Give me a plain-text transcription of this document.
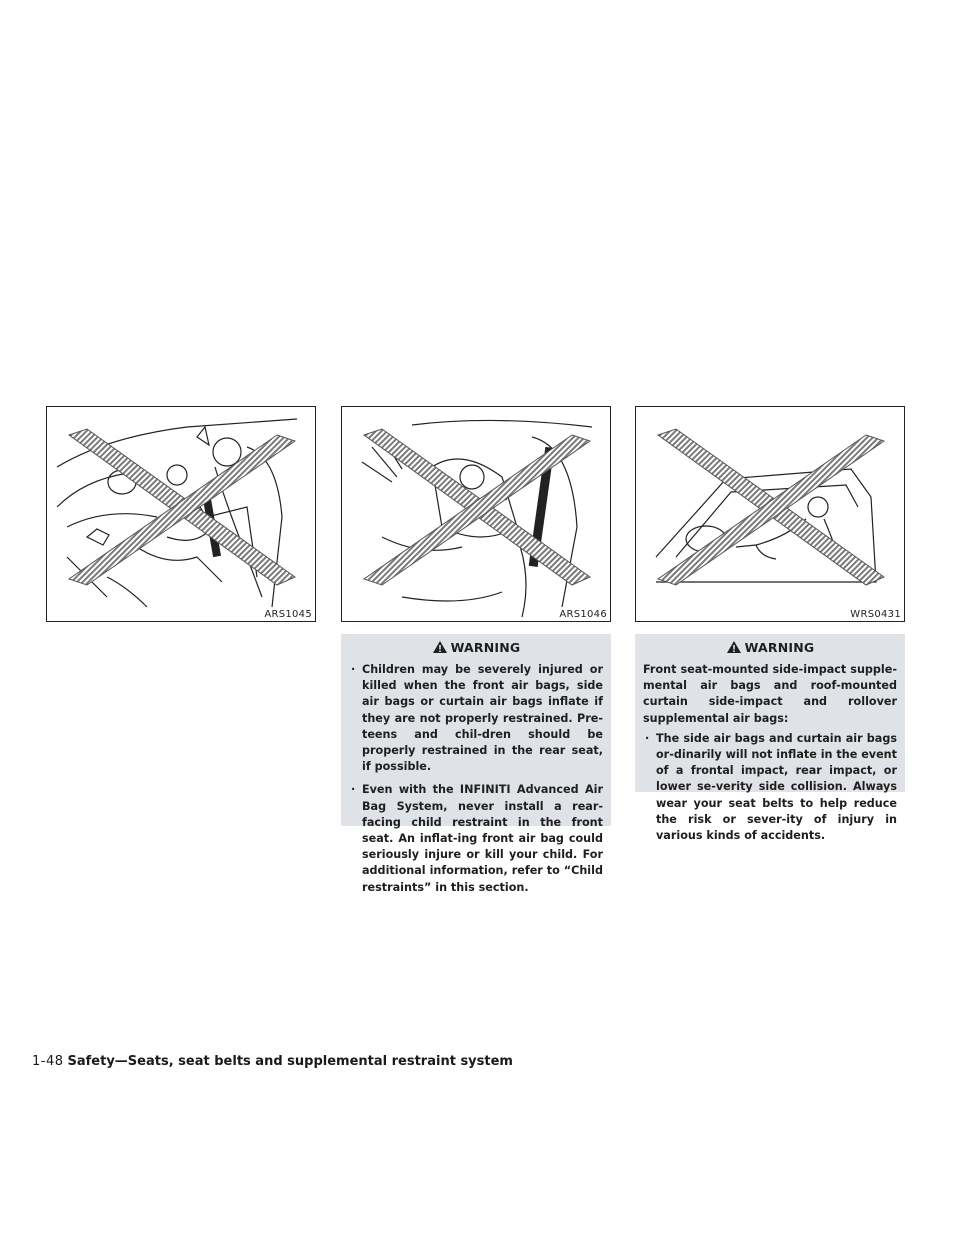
ARS1045	ARS1046	WRS0431
WARNING
· Children may be severely injured or killed when the front air bags, side air bags or curtain air bags inflate if they are not properly restrained. Pre-teens and chil-dren should be properly restrained in the rear seat, if possible.
· Even with the INFINITI Advanced Air Bag System, never install a rear-facing child restraint in the front seat. An inflat-ing front air bag could seriously injure or kill your child. For additional information, refer to “Child restraints” in this section.
WARNING
Front seat-mounted side-impact supple-mental air bags and roof-mounted curtain side-impact and rollover supplemental air bags:
· The side air bags and curtain air bags or-dinarily will not inflate in the event of a frontal impact, rear impact, or lower se-verity side collision. Always wear your seat belts to help reduce the risk or sever-ity of injury in various kinds of accidents.
1-48 Safety—Seats, seat belts and supplemental restraint system
